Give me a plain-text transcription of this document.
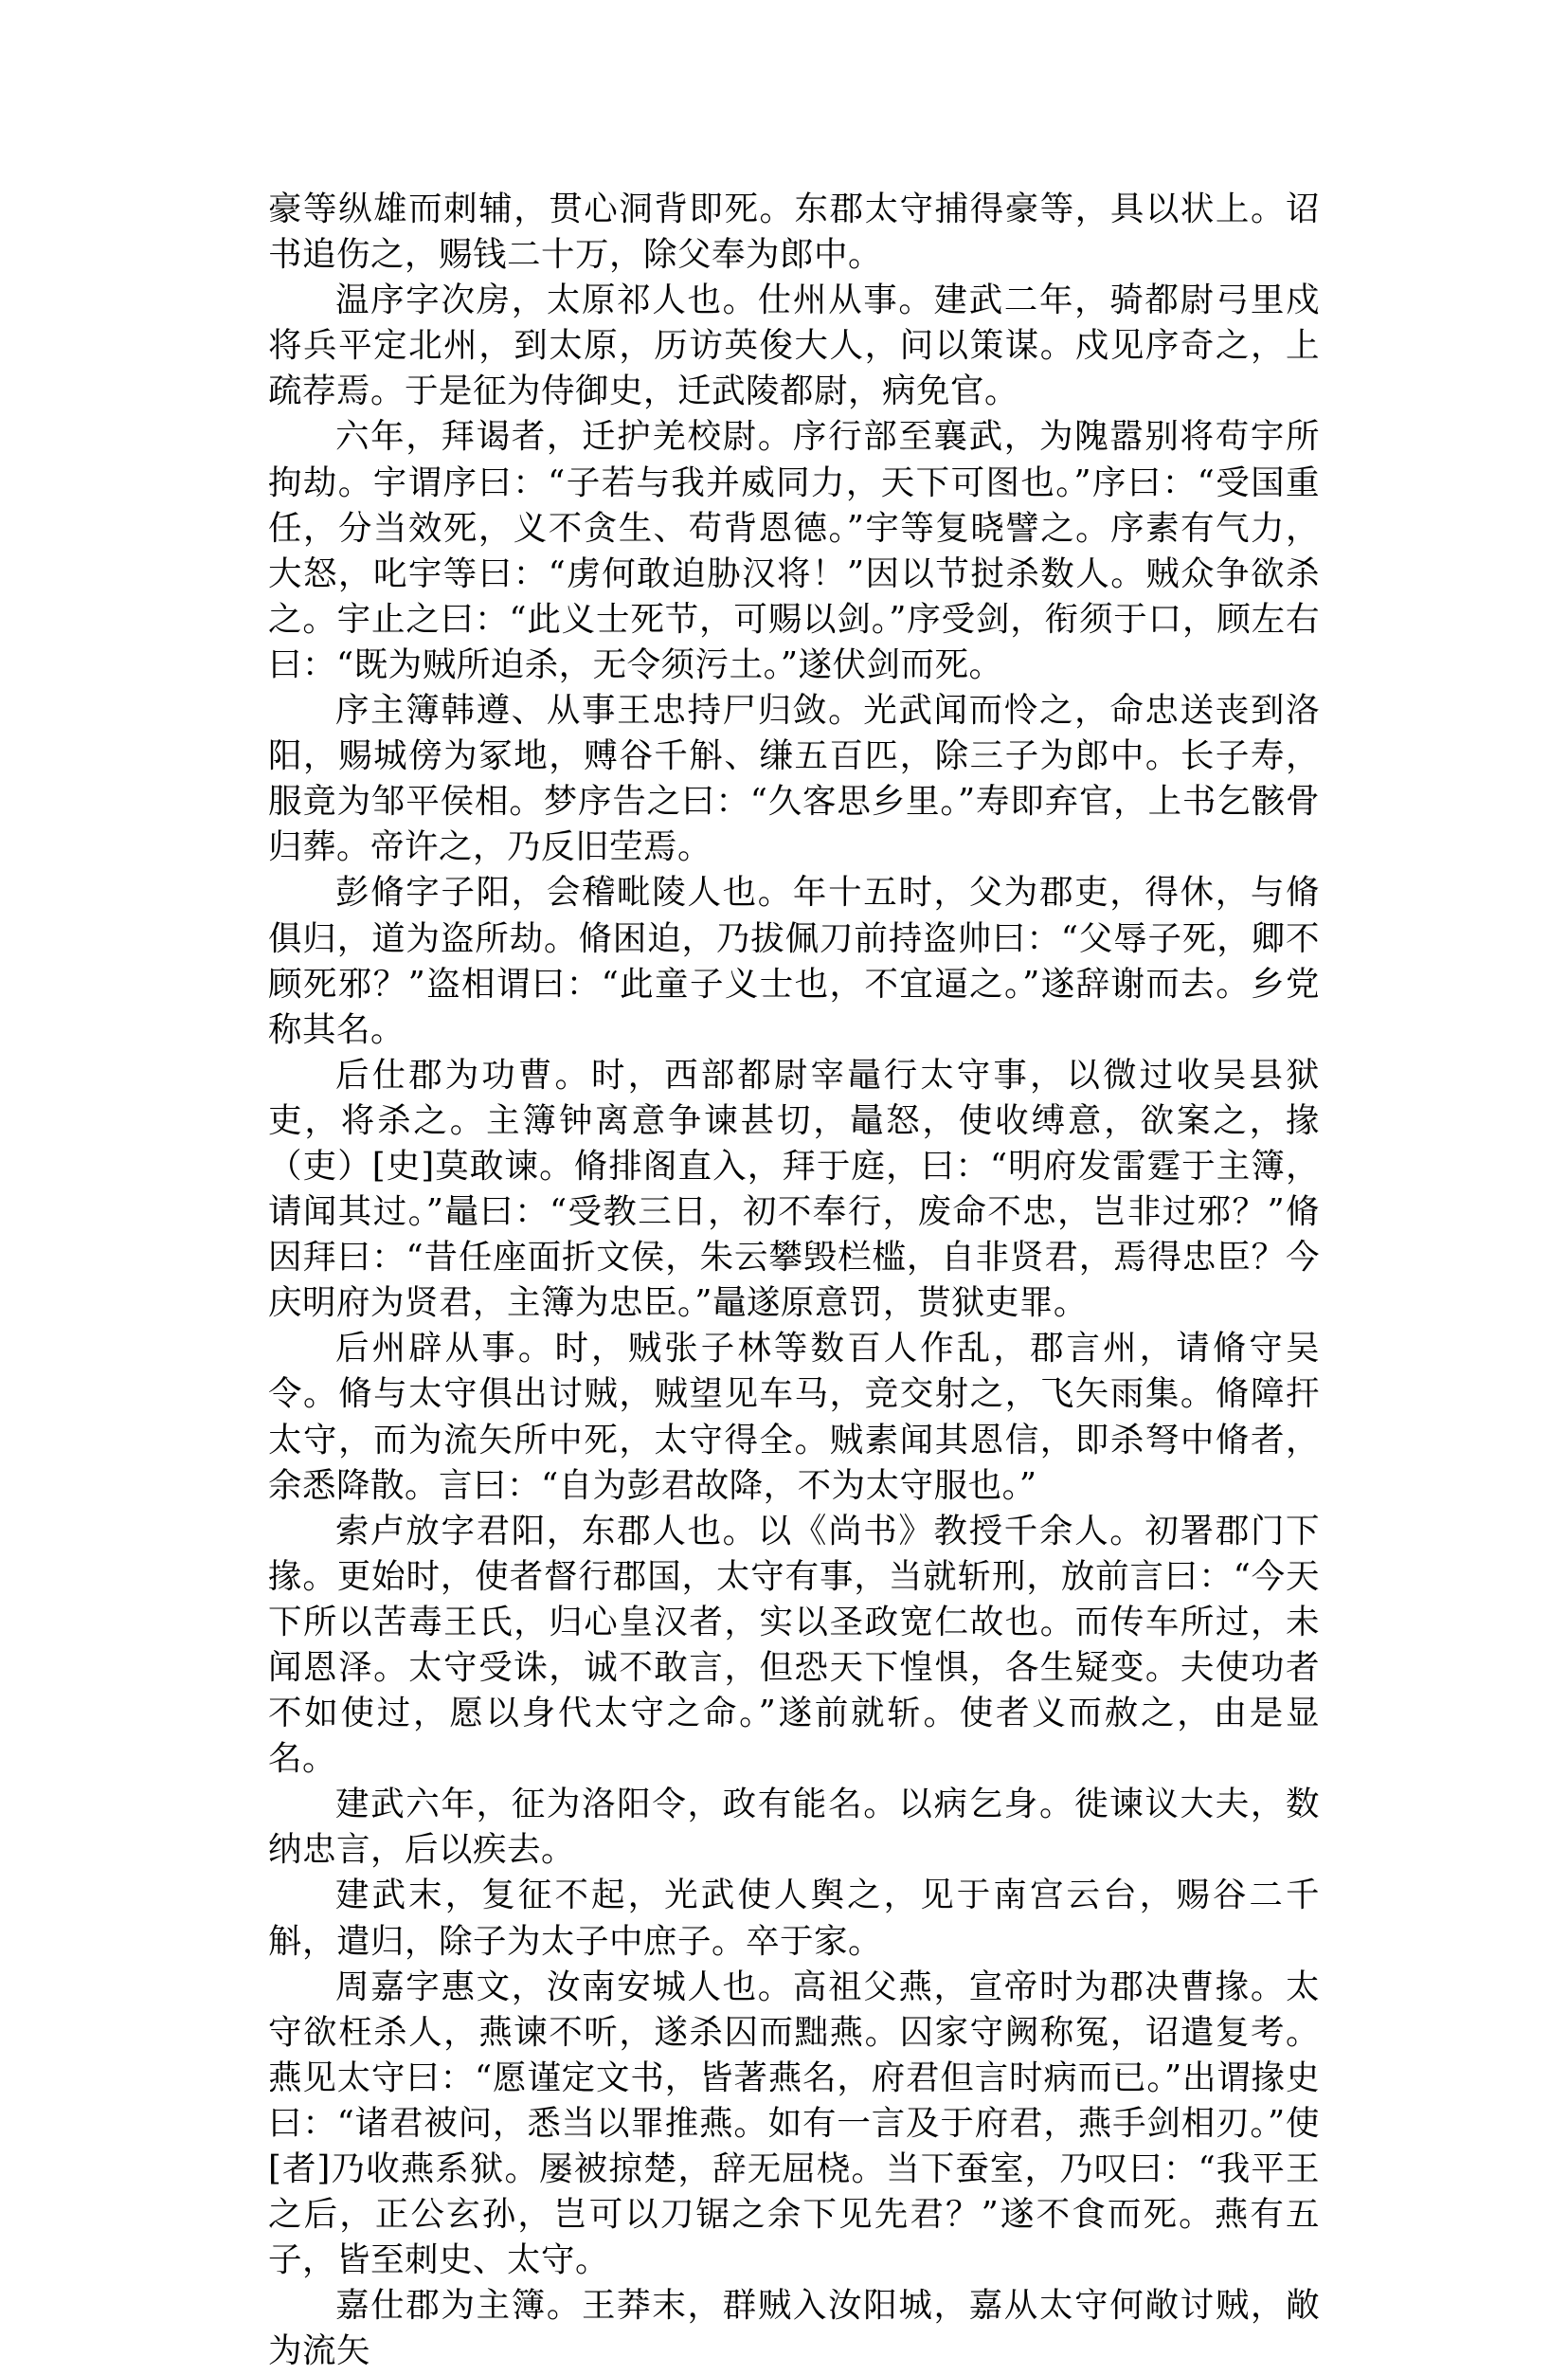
豪等纵雄而刺辅，贯心洞背即死。东郡太守捕得豪等，具以状上。诏书追伤之，赐钱二十万，除父奉为郎中。

温序字次房，太原祁人也。仕州从事。建武二年，骑都尉弓里戍将兵平定北州，到太原，历访英俊大人，问以策谋。戍见序奇之，上疏荐焉。于是征为侍御史，迁武陵都尉，病免官。

六年，拜谒者，迁护羌校尉。序行部至襄武，为隗嚣别将苟宇所拘劫。宇谓序曰：“子若与我并威同力，天下可图也。”序曰：“受国重任，分当效死，义不贪生、苟背恩德。”宇等复晓譬之。序素有气力，大怒，叱宇等曰：“虏何敢迫胁汉将！”因以节挝杀数人。贼众争欲杀之。宇止之曰：“此义士死节，可赐以剑。”序受剑，衔须于口，顾左右曰：“既为贼所迫杀，无令须污土。”遂伏剑而死。

序主簿韩遵、从事王忠持尸归敛。光武闻而怜之，命忠送丧到洛阳，赐城傍为冢地，赙谷千斛、缣五百匹，除三子为郎中。长子寿，服竟为邹平侯相。梦序告之曰：“久客思乡里。”寿即弃官，上书乞骸骨归葬。帝许之，乃反旧茔焉。

彭脩字子阳，会稽毗陵人也。年十五时，父为郡吏，得休，与脩俱归，道为盗所劫。脩困迫，乃拔佩刀前持盗帅曰：“父辱子死，卿不顾死邪？”盗相谓曰：“此童子义士也，不宜逼之。”遂辞谢而去。乡党称其名。

后仕郡为功曹。时，西部都尉宰鼂行太守事，以微过收吴县狱吏，将杀之。主簿钟离意争谏甚切，鼂怒，使收缚意，欲案之，掾（吏）[史]莫敢谏。脩排阁直入，拜于庭，曰：“明府发雷霆于主簿，请闻其过。”鼂曰：“受教三日，初不奉行，废命不忠，岂非过邪？”脩因拜曰：“昔任座面折文侯，朱云攀毁栏槛，自非贤君，焉得忠臣？今庆明府为贤君，主簿为忠臣。”鼂遂原意罚，贳狱吏罪。

后州辟从事。时，贼张子林等数百人作乱，郡言州，请脩守吴令。脩与太守俱出讨贼，贼望见车马，竞交射之，飞矢雨集。脩障扞太守，而为流矢所中死，太守得全。贼素闻其恩信，即杀弩中脩者，余悉降散。言曰：“自为彭君故降，不为太守服也。”

索卢放字君阳，东郡人也。以《尚书》教授千余人。初署郡门下掾。更始时，使者督行郡国，太守有事，当就斩刑，放前言曰：“今天下所以苦毒王氏，归心皇汉者，实以圣政宽仁故也。而传车所过，未闻恩泽。太守受诛，诚不敢言，但恐天下惶惧，各生疑变。夫使功者不如使过，愿以身代太守之命。”遂前就斩。使者义而赦之，由是显名。

建武六年，征为洛阳令，政有能名。以病乞身。徙谏议大夫，数纳忠言，后以疾去。

建武末，复征不起，光武使人舆之，见于南宫云台，赐谷二千斛，遣归，除子为太子中庶子。卒于家。

周嘉字惠文，汝南安城人也。高祖父燕，宣帝时为郡决曹掾。太守欲枉杀人，燕谏不听，遂杀囚而黜燕。囚家守阙称冤，诏遣复考。燕见太守曰：“愿谨定文书，皆著燕名，府君但言时病而已。”出谓掾史曰：“诸君被问，悉当以罪推燕。如有一言及于府君，燕手剑相刃。”使[者]乃收燕系狱。屡被掠楚，辞无屈桡。当下蚕室，乃叹曰：“我平王之后，正公玄孙，岂可以刀锯之余下见先君？”遂不食而死。燕有五子，皆至刺史、太守。

嘉仕郡为主簿。王莽末，群贼入汝阳城，嘉从太守何敞讨贼，敞为流矢
